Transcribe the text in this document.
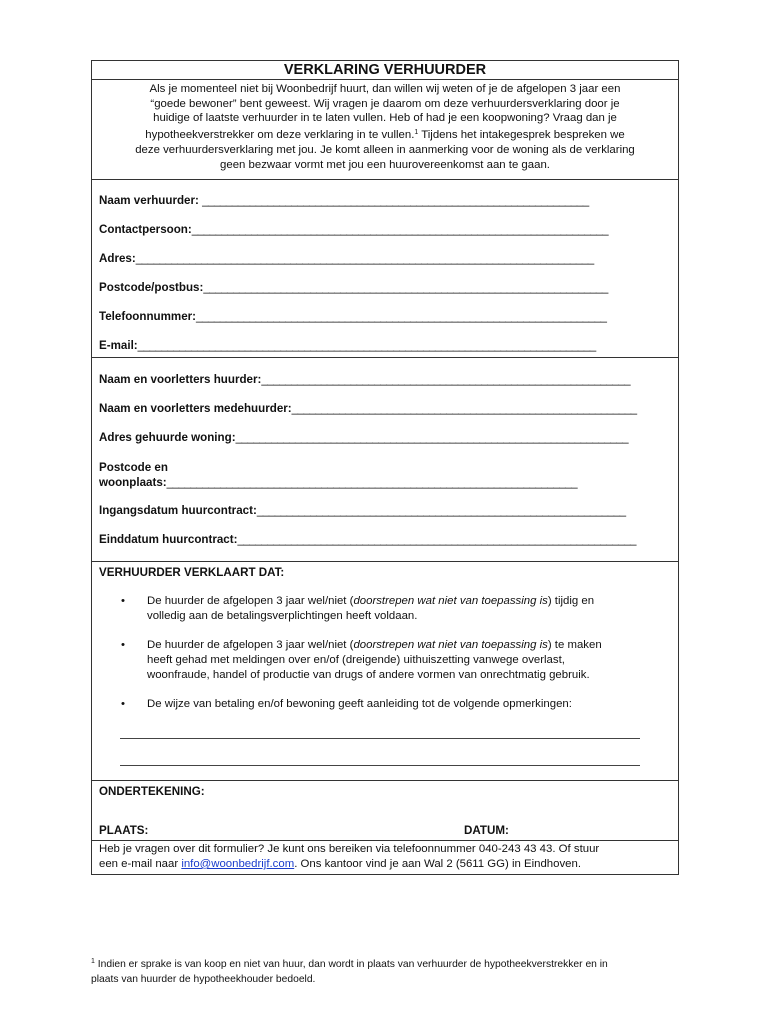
VERKLARING VERHUURDER
Als je momenteel niet bij Woonbedrijf huurt, dan willen wij weten of je de afgelopen 3 jaar een
“goede bewoner” bent geweest. Wij vragen je daarom om deze verhuurdersverklaring door je
huidige of laatste verhuurder in te laten vullen. Heb of had je een koopwoning? Vraag dan je
hypotheekverstrekker om deze verklaring in te vullen.$^1$ Tijdens het intakegesprek bespreken we
deze verhuurdersverklaring met jou. Je komt alleen in aanmerking voor de woning als de verklaring
geen bezwaar vormt met jou een huurovereenkomst aan te gaan.
Naam verhuurder: _________________________________________________________________
Contactpersoon:______________________________________________________________________
Adres:_____________________________________________________________________________
Postcode/postbus:____________________________________________________________________
Telefoonnummer:_____________________________________________________________________
E-mail:_____________________________________________________________________________
Naam en voorletters huurder:______________________________________________________________
Naam en voorletters medehuurder:__________________________________________________________
Adres gehuurde woning:__________________________________________________________________
Postcode en
woonplaats:_____________________________________________________________________
Ingangsdatum huurcontract:______________________________________________________________
Einddatum huurcontract:___________________________________________________________________
VERHUURDER VERKLAART DAT:
• De huurder de afgelopen 3 jaar wel/niet (doorstrepen wat niet van toepassing is) tijdig en
volledig aan de betalingsverplichtingen heeft voldaan.
• De huurder de afgelopen 3 jaar wel/niet (doorstrepen wat niet van toepassing is) te maken
heeft gehad met meldingen over en/of (dreigende) uithuiszetting vanwege overlast,
woonfraude, handel of productie van drugs of andere vormen van onrechtmatig gebruik.
• De wijze van betaling en/of bewoning geeft aanleiding tot de volgende opmerkingen:
ONDERTEKENING:
PLAATS:	DATUM:
Heb je vragen over dit formulier? Je kunt ons bereiken via telefoonnummer 040-243 43 43. Of stuur
een e-mail naar info@woonbedrijf.com. Ons kantoor vind je aan Wal 2 (5611 GG) in Eindhoven.
$^1$ Indien er sprake is van koop en niet van huur, dan wordt in plaats van verhuurder de hypotheekverstrekker en in
plaats van huurder de hypotheekhouder bedoeld.
